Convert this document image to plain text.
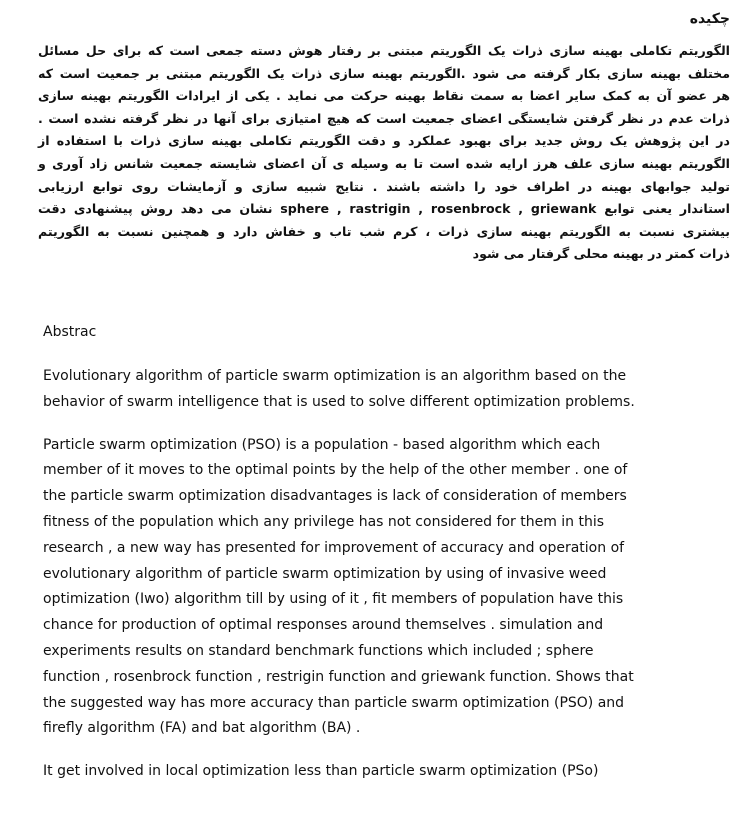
چکیده
الگوریتم تکاملی بهینه سازی ذرات یک الگوریتم مبتنی بر رفتار هوش دسته جمعی است که برای حل مسائل
مختلف بهینه سازی بکار گرفته می شود .الگوریتم بهینه سازی ذرات یک الگوریتم مبتنی بر جمعیت است که
هر عضو آن به کمک سایر اعضا به سمت نقاط بهینه حرکت می نماید . یکی از ایرادات الگوریتم بهینه سازی
ذرات عدم در نظر گرفتن شایستگی اعضای جمعیت است که هیچ امتیازی برای آنها در نظر گرفته نشده است .
در این پژوهش یک روش جدید برای بهبود عملکرد و دقت الگوریتم تکاملی بهینه سازی ذرات با استفاده از
الگوریتم بهینه سازی علف هرز ارایه شده است تا به وسیله ی آن اعضای شایسته جمعیت شانس زاد آوری و
تولید جوابهای بهینه در اطراف خود را داشته باشند . نتایج شبیه سازی و آزمایشات روی توابع ارزیابی
استاندار یعنی توابع sphere , rastrigin , rosenbrock , griewank نشان می دهد روش پیشنهادی دقت
بیشتری نسبت به الگوریتم بهینه سازی ذرات ، کرم شب تاب و خفاش دارد و همچنین نسبت به الگوریتم
ذرات کمتر در بهینه محلی گرفتار می شود
Abstrac

Evolutionary algorithm of particle swarm optimization is an algorithm based on the
behavior of swarm intelligence that is used to solve different optimization problems.

Particle swarm optimization (PSO) is a population - based algorithm which each
member of it moves to the optimal points by the help of the other member . one of
the particle swarm optimization disadvantages is lack of consideration of members
fitness of the population which any privilege has not considered for them in this
research , a new way has presented for improvement of accuracy and operation of
evolutionary algorithm of particle swarm optimization by using of invasive weed
optimization (Iwo) algorithm till by using of it , fit members of population have this
chance for production of optimal responses around themselves . simulation and
experiments results on standard benchmark functions which included ; sphere
function , rosenbrock function , restrigin function and griewank function. Shows that
the suggested way has more accuracy than particle swarm optimization (PSO) and
firefly algorithm (FA) and bat algorithm (BA) .

It get involved in local optimization less than particle swarm optimization (PSo)
